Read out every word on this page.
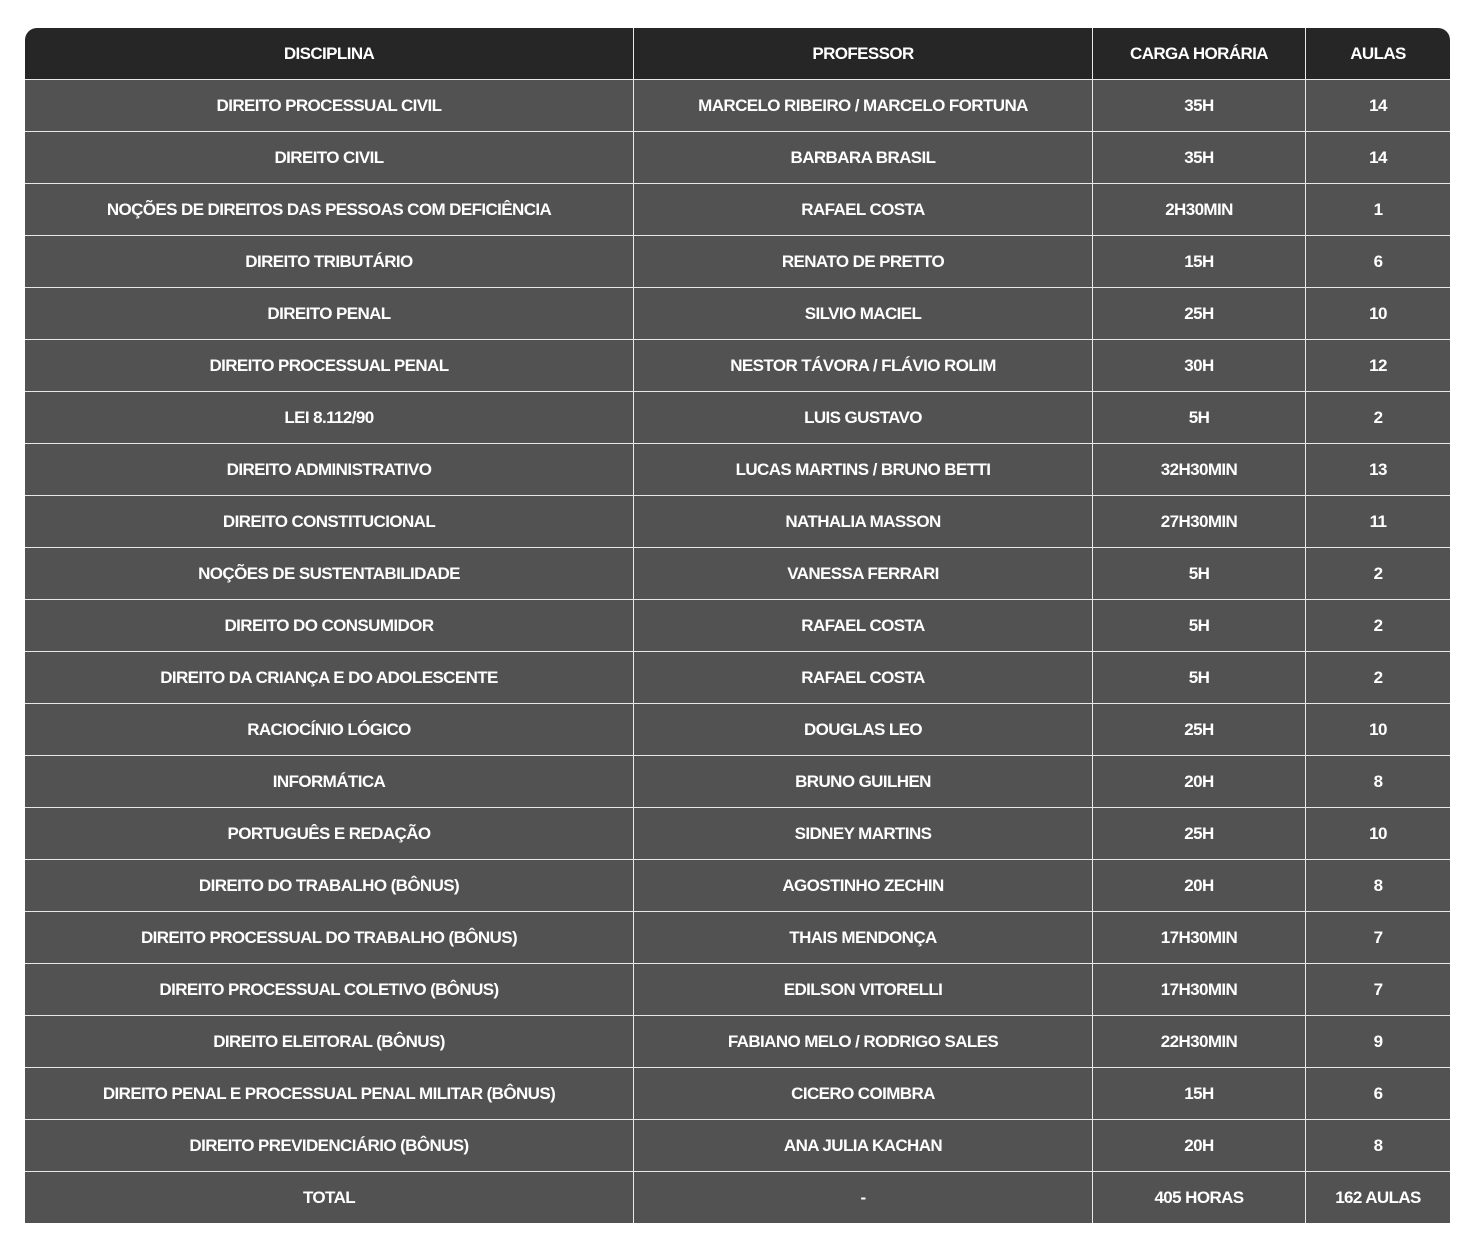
DISCIPLINA	PROFESSOR	CARGA HORÁRIA	AULAS
DIREITO PROCESSUAL CIVIL	MARCELO RIBEIRO / MARCELO FORTUNA	35H	14
DIREITO CIVIL	BARBARA BRASIL	35H	14
NOÇÕES DE DIREITOS DAS PESSOAS COM DEFICIÊNCIA	RAFAEL COSTA	2H30MIN	1
DIREITO TRIBUTÁRIO	RENATO DE PRETTO	15H	6
DIREITO PENAL	SILVIO MACIEL	25H	10
DIREITO PROCESSUAL PENAL	NESTOR TÁVORA / FLÁVIO ROLIM	30H	12
LEI 8.112/90	LUIS GUSTAVO	5H	2
DIREITO ADMINISTRATIVO	LUCAS MARTINS / BRUNO BETTI	32H30MIN	13
DIREITO CONSTITUCIONAL	NATHALIA MASSON	27H30MIN	11
NOÇÕES DE SUSTENTABILIDADE	VANESSA FERRARI	5H	2
DIREITO DO CONSUMIDOR	RAFAEL COSTA	5H	2
DIREITO DA CRIANÇA E DO ADOLESCENTE	RAFAEL COSTA	5H	2
RACIOCÍNIO LÓGICO	DOUGLAS LEO	25H	10
INFORMÁTICA	BRUNO GUILHEN	20H	8
PORTUGUÊS E REDAÇÃO	SIDNEY MARTINS	25H	10
DIREITO DO TRABALHO (BÔNUS)	AGOSTINHO ZECHIN	20H	8
DIREITO PROCESSUAL DO TRABALHO (BÔNUS)	THAIS MENDONÇA	17H30MIN	7
DIREITO PROCESSUAL COLETIVO (BÔNUS)	EDILSON VITORELLI	17H30MIN	7
DIREITO ELEITORAL (BÔNUS)	FABIANO MELO / RODRIGO SALES	22H30MIN	9
DIREITO PENAL E PROCESSUAL PENAL MILITAR (BÔNUS)	CICERO COIMBRA	15H	6
DIREITO PREVIDENCIÁRIO (BÔNUS)	ANA JULIA KACHAN	20H	8
TOTAL	-	405 HORAS	162 AULAS
